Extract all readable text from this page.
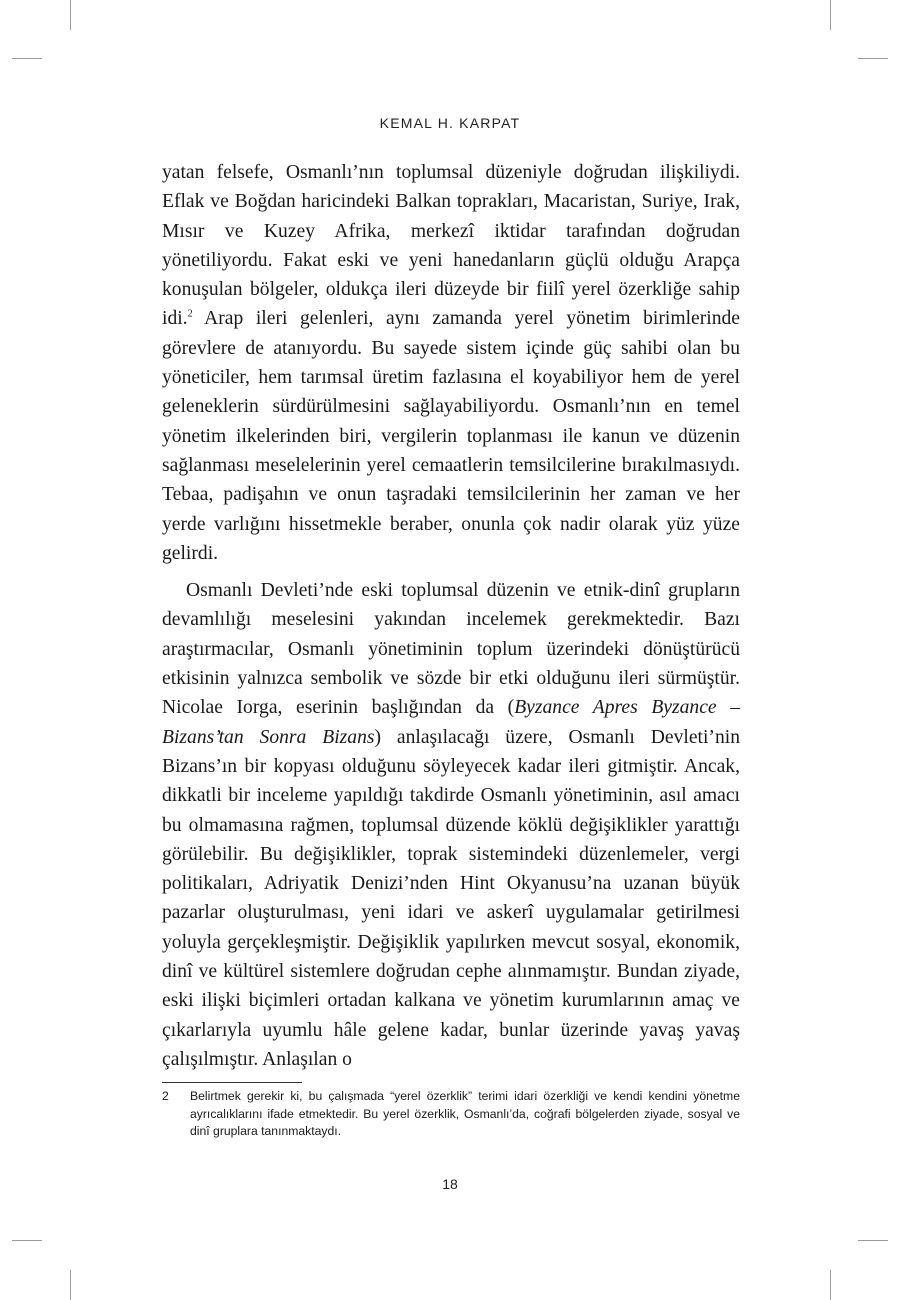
KEMAL H. KARPAT

yatan felsefe, Osmanlı’nın toplumsal düzeniyle doğrudan ilişkiliydi. Eflak ve Boğdan haricindeki Balkan toprakları, Macaristan, Suriye, Irak, Mısır ve Kuzey Afrika, merkezî iktidar tarafından doğrudan yönetiliyordu. Fakat eski ve yeni hanedanların güçlü olduğu Arapça konuşulan bölgeler, oldukça ileri düzeyde bir fiilî yerel özerkliğe sahip idi.$^2$ Arap ileri gelenleri, aynı zamanda yerel yönetim birimlerinde görevlere de atanıyordu. Bu sayede sistem içinde güç sahibi olan bu yöneticiler, hem tarımsal üretim fazlasına el koyabiliyor hem de yerel geleneklerin sürdürülmesini sağlayabiliyordu. Osmanlı’nın en temel yönetim ilkelerinden biri, vergilerin toplanması ile kanun ve düzenin sağlanması meselelerinin yerel cemaatlerin temsilcilerine bırakılmasıydı. Tebaa, padişahın ve onun taşradaki temsilcilerinin her zaman ve her yerde varlığını hissetmekle beraber, onunla çok nadir olarak yüz yüze gelirdi.

Osmanlı Devleti’nde eski toplumsal düzenin ve etnik-dinî grupların devamlılığı meselesini yakından incelemek gerekmektedir. Bazı araştırmacılar, Osmanlı yönetiminin toplum üzerindeki dönüştürücü etkisinin yalnızca sembolik ve sözde bir etki olduğunu ileri sürmüştür. Nicolae Iorga, eserinin başlığından da (Byzance Apres Byzance – Bizans’tan Sonra Bizans) anlaşılacağı üzere, Osmanlı Devleti’nin Bizans’ın bir kopyası olduğunu söyleyecek kadar ileri gitmiştir. Ancak, dikkatli bir inceleme yapıldığı takdirde Osmanlı yönetiminin, asıl amacı bu olmamasına rağmen, toplumsal düzende köklü değişiklikler yarattığı görülebilir. Bu değişiklikler, toprak sistemindeki düzenlemeler, vergi politikaları, Adriyatik Denizi’nden Hint Okyanusu’na uzanan büyük pazarlar oluşturulması, yeni idari ve askerî uygulamalar getirilmesi yoluyla gerçekleşmiştir. Değişiklik yapılırken mevcut sosyal, ekonomik, dinî ve kültürel sistemlere doğrudan cephe alınmamıştır. Bundan ziyade, eski ilişki biçimleri ortadan kalkana ve yönetim kurumlarının amaç ve çıkarlarıyla uyumlu hâle gelene kadar, bunlar üzerinde yavaş yavaş çalışılmıştır. Anlaşılan o

2	Belirtmek gerekir ki, bu çalışmada “yerel özerklik” terimi idari özerkliği ve kendi kendini yönetme ayrıcalıklarını ifade etmektedir. Bu yerel özerklik, Osmanlı’da, coğrafi bölgelerden ziyade, sosyal ve dinî gruplara tanınmaktaydı.
18
